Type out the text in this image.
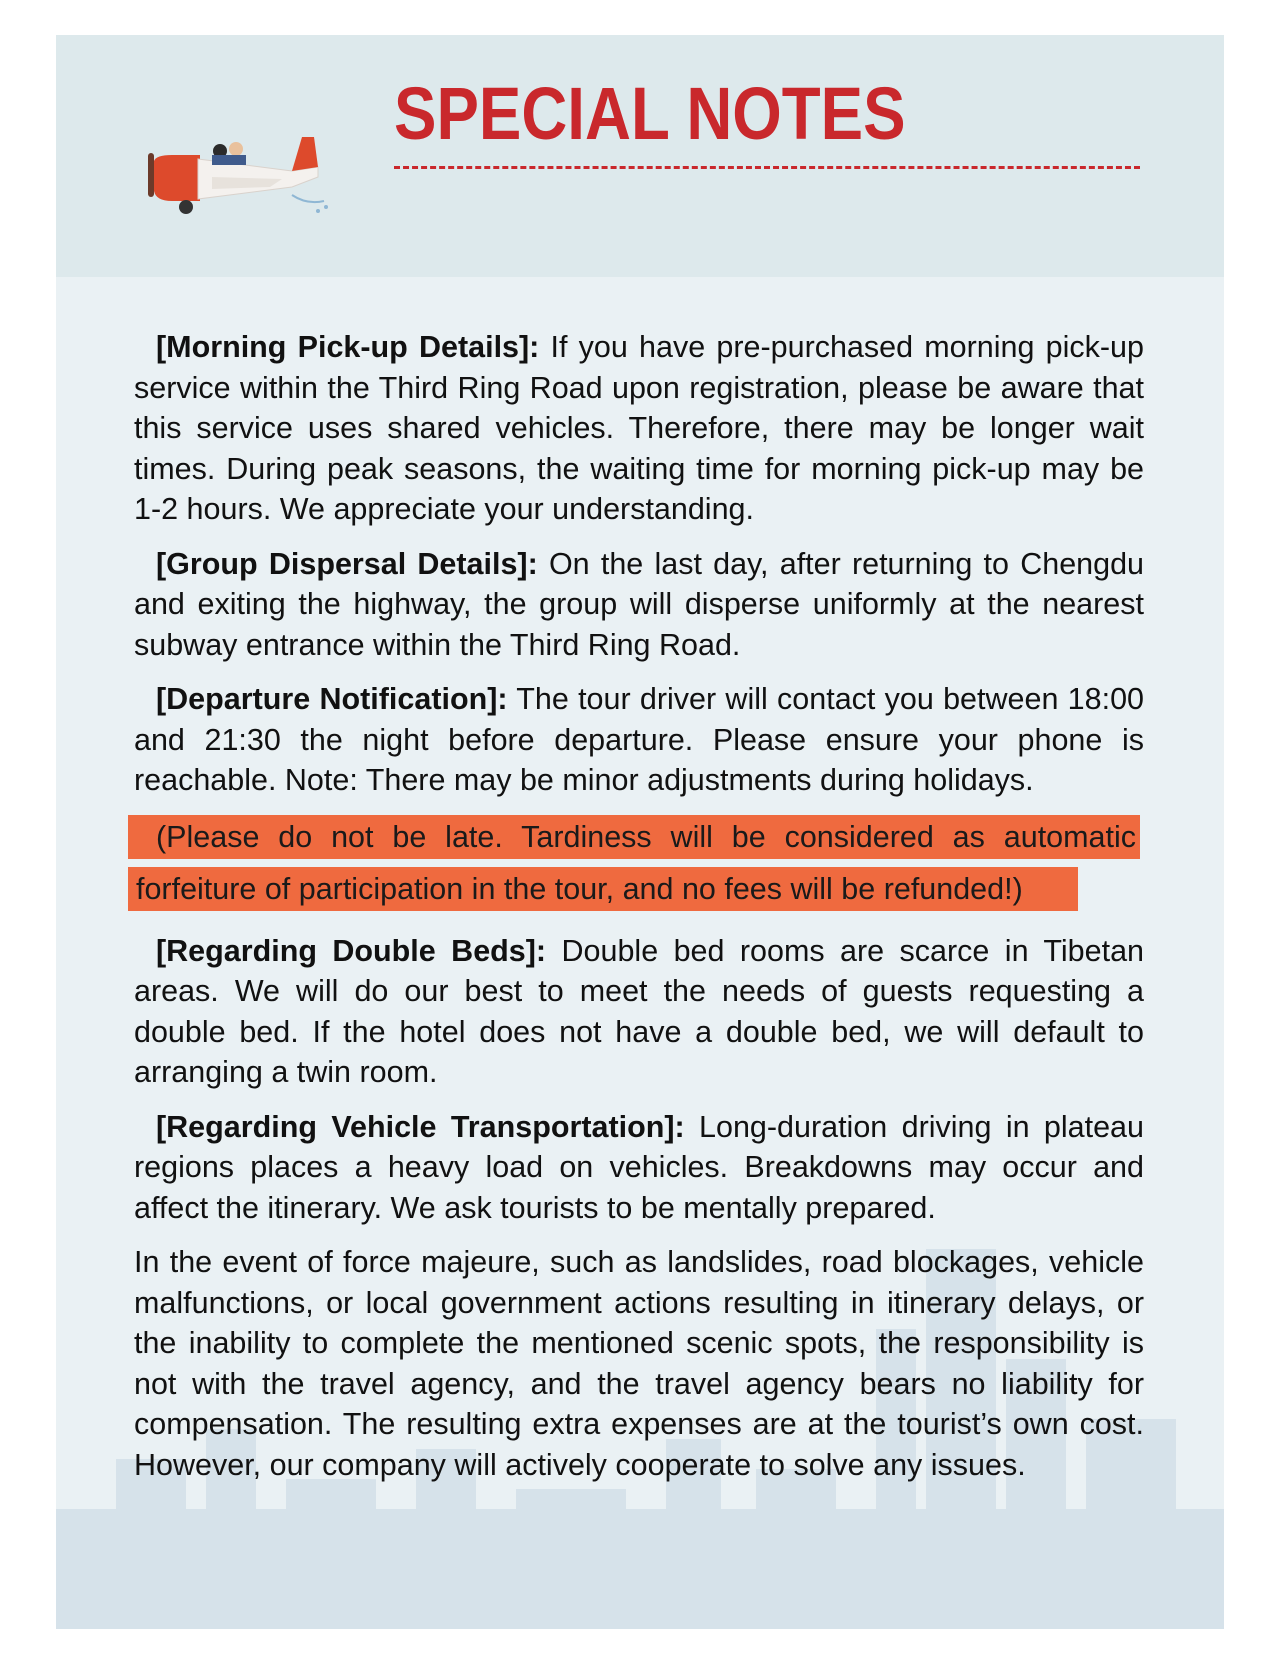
SPECIAL NOTES

[Morning Pick-up Details]: If you have pre-purchased morning pick-up service within the Third Ring Road upon registration, please be aware that this service uses shared vehicles. Therefore, there may be longer wait times. During peak seasons, the waiting time for morning pick-up may be 1-2 hours. We appreciate your understanding.

[Group Dispersal Details]: On the last day, after returning to Chengdu and exiting the highway, the group will disperse uniformly at the nearest subway entrance within the Third Ring Road.

[Departure Notification]: The tour driver will contact you between 18:00 and 21:30 the night before departure. Please ensure your phone is reachable. Note: There may be minor adjustments during holidays.

(Please do not be late. Tardiness will be considered as automatic
forfeiture of participation in the tour, and no fees will be refunded!)

[Regarding Double Beds]: Double bed rooms are scarce in Tibetan areas. We will do our best to meet the needs of guests requesting a double bed. If the hotel does not have a double bed, we will default to arranging a twin room.

[Regarding Vehicle Transportation]: Long-duration driving in plateau regions places a heavy load on vehicles. Breakdowns may occur and affect the itinerary. We ask tourists to be mentally prepared.

In the event of force majeure, such as landslides, road blockages, vehicle malfunctions, or local government actions resulting in itinerary delays, or the inability to complete the mentioned scenic spots, the responsibility is not with the travel agency, and the travel agency bears no liability for compensation. The resulting extra expenses are at the tourist’s own cost. However, our company will actively cooperate to solve any issues.
